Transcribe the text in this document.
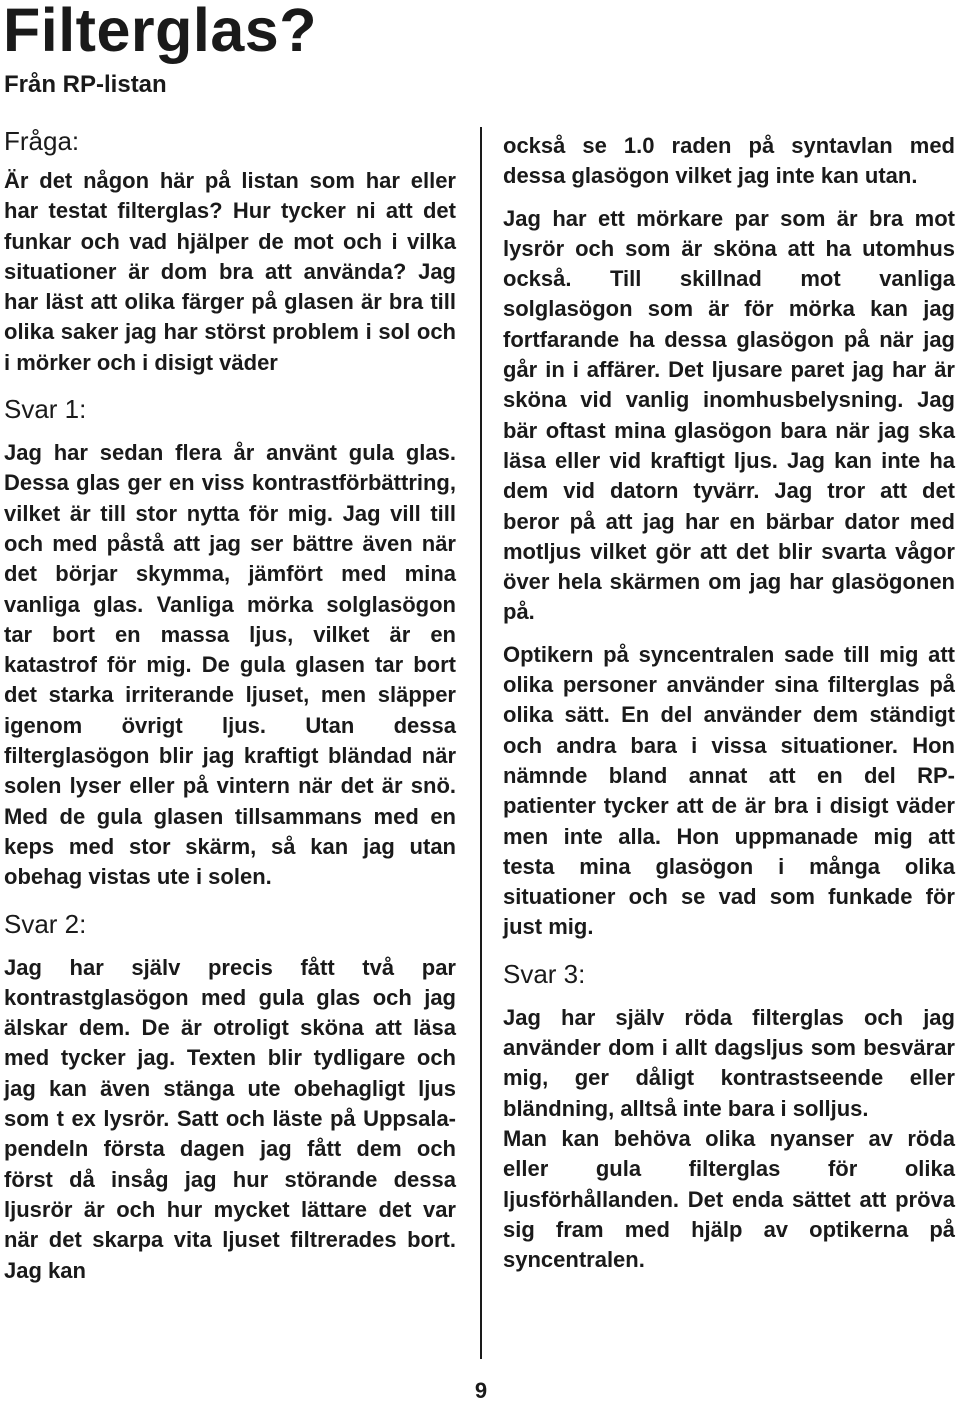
Filterglas?
Från RP-listan
Fråga:

Är det någon här på listan som har eller har testat filterglas? Hur tycker ni att det funkar och vad hjälper de mot och i vilka situationer är dom bra att använda? Jag har läst att olika färger på glasen är bra till olika saker jag har störst problem i sol och i mörker och i disigt väder

Svar 1:

Jag har sedan flera år använt gula glas. Dessa glas ger en viss kontrastförbättring, vilket är till stor nytta för mig. Jag vill till och med påstå att jag ser bättre även när det börjar skymma, jämfört med mina vanliga glas. Vanliga mörka solglasögon tar bort en massa ljus, vilket är en katastrof för mig. De gula glasen tar bort det starka irriterande ljuset, men släpper igenom övrigt ljus. Utan dessa filterglasögon blir jag kraftigt bländad när solen lyser eller på vintern när det är snö. Med de gula glasen tillsammans med en keps med stor skärm, så kan jag utan obehag vistas ute i solen.

Svar 2:

Jag har själv precis fått två par kontrastglasögon med gula glas och jag älskar dem. De är otroligt sköna att läsa med tycker jag. Texten blir tydligare och jag kan även stänga ute obehagligt ljus som t ex lysrör. Satt och läste på Uppsala-pendeln första dagen jag fått dem och först då insåg jag hur störande dessa ljusrör är och hur mycket lättare det var när det skarpa vita ljuset filtrerades bort. Jag kan

också se 1.0 raden på syntavlan med dessa glasögon vilket jag inte kan utan.

Jag har ett mörkare par som är bra mot lysrör och som är sköna att ha utomhus också. Till skillnad mot vanliga solglasögon som är för mörka kan jag fortfarande ha dessa glasögon på när jag går in i affärer. Det ljusare paret jag har är sköna vid vanlig inomhusbelysning. Jag bär oftast mina glasögon bara när jag ska läsa eller vid kraftigt ljus. Jag kan inte ha dem vid datorn tyvärr. Jag tror att det beror på att jag har en bärbar dator med motljus vilket gör att det blir svarta vågor över hela skärmen om jag har glasögonen på.

Optikern på syncentralen sade till mig att olika personer använder sina filterglas på olika sätt. En del använder dem ständigt och andra bara i vissa situationer. Hon nämnde bland annat att en del RP-patienter tycker att de är bra i disigt väder men inte alla. Hon uppmanade mig att testa mina glasögon i många olika situationer och se vad som funkade för just mig.

Svar 3:

Jag har själv röda filterglas och jag använder dom i allt dagsljus som besvärar mig, ger dåligt kontrastseende eller bländning, alltså inte bara i solljus.

Man kan behöva olika nyanser av röda eller gula filterglas för olika ljusförhållanden. Det enda sättet att pröva sig fram med hjälp av optikerna på syncentralen.

9
